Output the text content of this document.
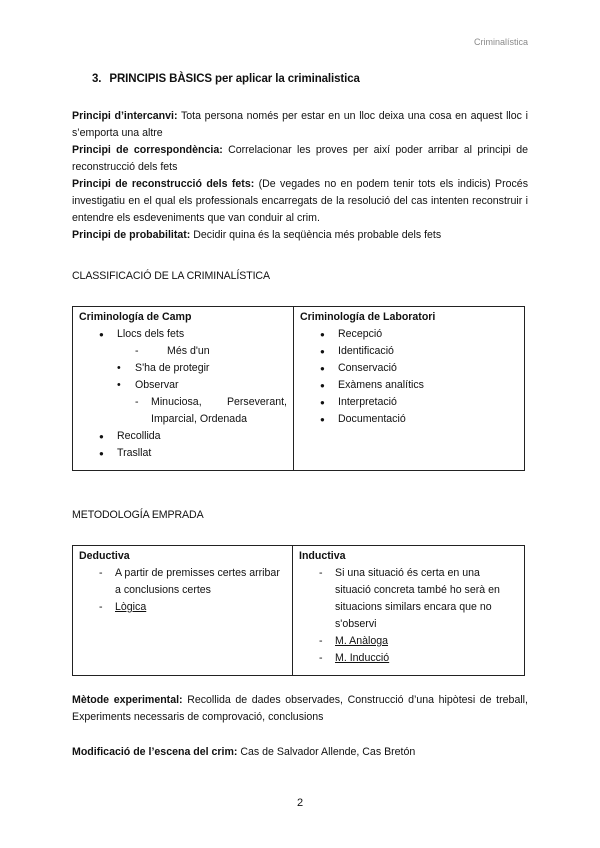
Criminalística
3. PRINCIPIS BÀSICS per aplicar la criminalistica

Principi d’intercanvi: Tota persona només per estar en un lloc deixa una cosa en aquest lloc i s’emporta una altre

Principi de correspondència: Correlacionar les proves per així poder arribar al principi de reconstrucció dels fets

Principi de reconstrucció dels fets: (De vegades no en podem tenir tots els indicis) Procés investigatiu en el qual els professionals encarregats de la resolució del cas intenten reconstruir i entendre els esdeveniments que van conduir al crim.

Principi de probabilitat: Decidir quina és la seqüència més probable dels fets

CLASSIFICACIÓ DE LA CRIMINALÍSTICA
Criminología de Camp
● Llocs dels fets
- Més d'un
• S'ha de protegir
• Observar
- Minuciosa, Perseverant,
Imparcial, Ordenada
● Recollida
● Trasllat

Criminología de Laboratori
● Recepció
● Identificació
● Conservació
● Exàmens analítics
● Interpretació
● Documentació
METODOLOGÍA EMPRADA
Deductiva
- A partir de premisses certes arribar a conclusions certes
- Lògica

Inductiva
- Si una situació és certa en una situació concreta també ho serà en situacions similars encara que no s'observi
- M. Anàloga
- M. Inducció

Mètode experimental: Recollida de dades observades, Construcció d’una hipòtesi de treball, Experiments necessaris de comprovació, conclusions

Modificació de l’escena del crim: Cas de Salvador Allende, Cas Bretón

2
